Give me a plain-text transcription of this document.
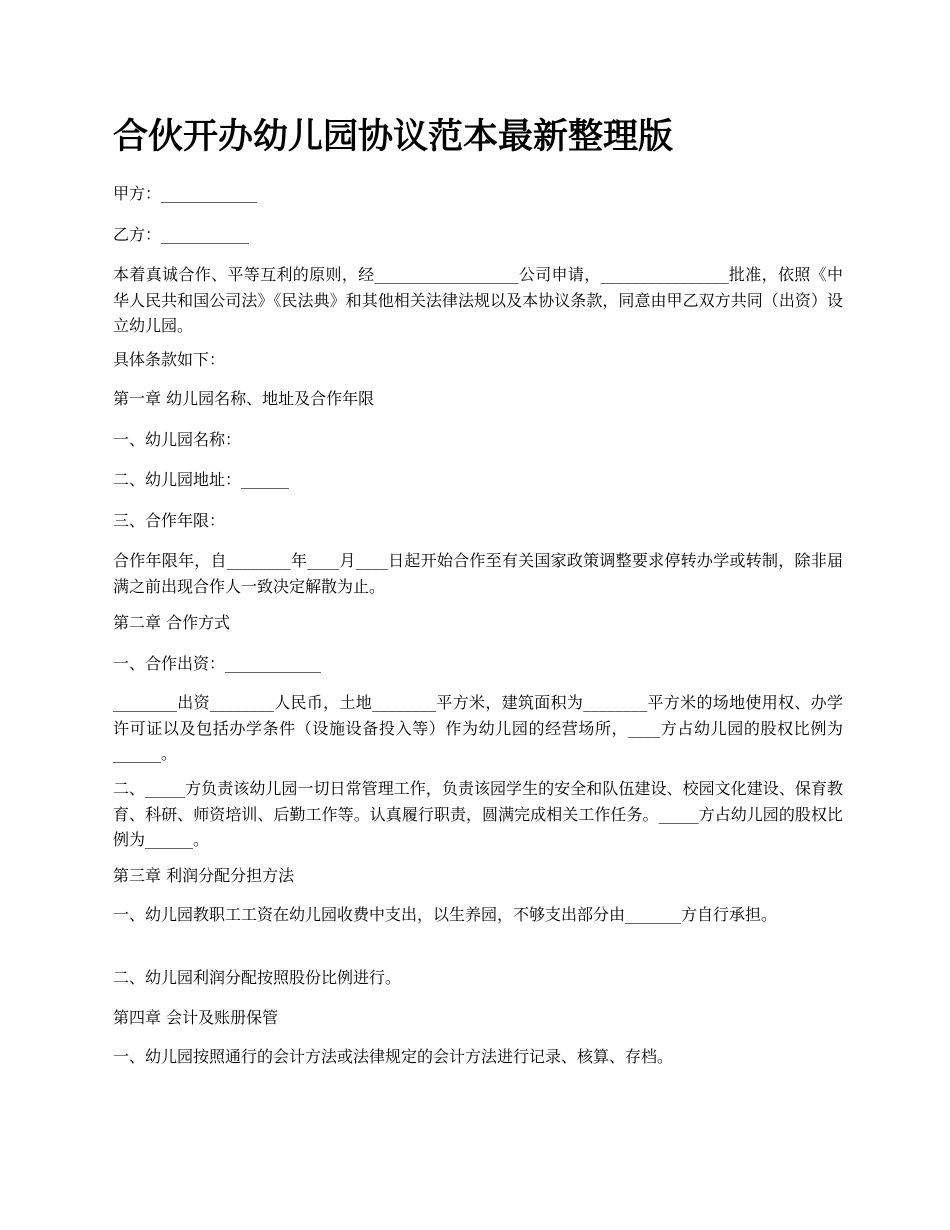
合伙开办幼儿园协议范本最新整理版

甲方：____________

乙方：___________

本着真诚合作、平等互利的原则，经__________________公司申请，________________批准，依照《中华人民共和国公司法》《民法典》和其他相关法律法规以及本协议条款，同意由甲乙双方共同（出资）设立幼儿园。

具体条款如下：

第一章 幼儿园名称、地址及合作年限

一、幼儿园名称：

二、幼儿园地址：______

三、合作年限：

合作年限年，自________年____月____日起开始合作至有关国家政策调整要求停转办学或转制，除非届满之前出现合作人一致决定解散为止。

第二章 合作方式

一、合作出资：____________

________出资________人民币，土地________平方米，建筑面积为________平方米的场地使用权、办学许可证以及包括办学条件（设施设备投入等）作为幼儿园的经营场所，____方占幼儿园的股权比例为______。

二、_____方负责该幼儿园一切日常管理工作，负责该园学生的安全和队伍建设、校园文化建设、保育教育、科研、师资培训、后勤工作等。认真履行职责，圆满完成相关工作任务。_____方占幼儿园的股权比例为______。

第三章 利润分配分担方法

一、幼儿园教职工工资在幼儿园收费中支出，以生养园，不够支出部分由_______方自行承担。

二、幼儿园利润分配按照股份比例进行。

第四章 会计及账册保管

一、幼儿园按照通行的会计方法或法律规定的会计方法进行记录、核算、存档。
